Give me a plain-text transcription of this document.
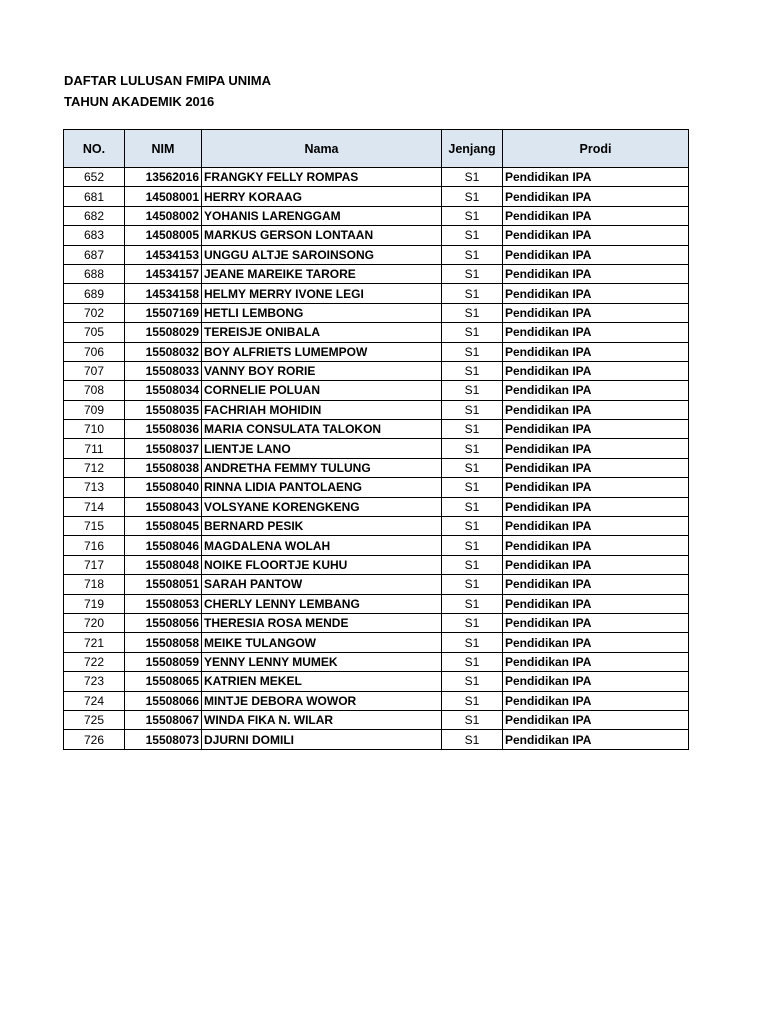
DAFTAR LULUSAN FMIPA UNIMA
TAHUN AKADEMIK 2016
NO.	NIM	Nama	Jenjang	Prodi
652	13562016	FRANGKY FELLY ROMPAS	S1	Pendidikan IPA
681	14508001	HERRY KORAAG	S1	Pendidikan IPA
682	14508002	YOHANIS LARENGGAM	S1	Pendidikan IPA
683	14508005	MARKUS GERSON LONTAAN	S1	Pendidikan IPA
687	14534153	UNGGU ALTJE SAROINSONG	S1	Pendidikan IPA
688	14534157	JEANE MAREIKE TARORE	S1	Pendidikan IPA
689	14534158	HELMY MERRY IVONE LEGI	S1	Pendidikan IPA
702	15507169	HETLI LEMBONG	S1	Pendidikan IPA
705	15508029	TEREISJE ONIBALA	S1	Pendidikan IPA
706	15508032	BOY ALFRIETS LUMEMPOW	S1	Pendidikan IPA
707	15508033	VANNY BOY RORIE	S1	Pendidikan IPA
708	15508034	CORNELIE POLUAN	S1	Pendidikan IPA
709	15508035	FACHRIAH MOHIDIN	S1	Pendidikan IPA
710	15508036	MARIA CONSULATA TALOKON	S1	Pendidikan IPA
711	15508037	LIENTJE LANO	S1	Pendidikan IPA
712	15508038	ANDRETHA FEMMY TULUNG	S1	Pendidikan IPA
713	15508040	RINNA LIDIA PANTOLAENG	S1	Pendidikan IPA
714	15508043	VOLSYANE KORENGKENG	S1	Pendidikan IPA
715	15508045	BERNARD PESIK	S1	Pendidikan IPA
716	15508046	MAGDALENA WOLAH	S1	Pendidikan IPA
717	15508048	NOIKE FLOORTJE KUHU	S1	Pendidikan IPA
718	15508051	SARAH PANTOW	S1	Pendidikan IPA
719	15508053	CHERLY LENNY LEMBANG	S1	Pendidikan IPA
720	15508056	THERESIA ROSA MENDE	S1	Pendidikan IPA
721	15508058	MEIKE TULANGOW	S1	Pendidikan IPA
722	15508059	YENNY LENNY MUMEK	S1	Pendidikan IPA
723	15508065	KATRIEN MEKEL	S1	Pendidikan IPA
724	15508066	MINTJE DEBORA WOWOR	S1	Pendidikan IPA
725	15508067	WINDA FIKA N. WILAR	S1	Pendidikan IPA
726	15508073	DJURNI DOMILI	S1	Pendidikan IPA
